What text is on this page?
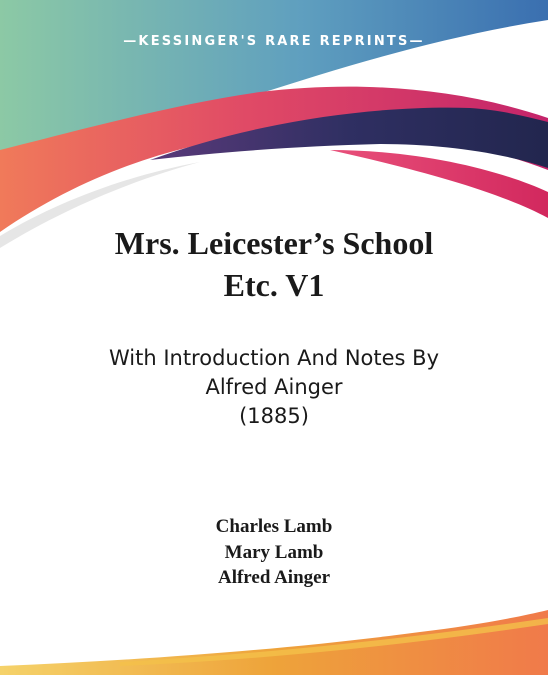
—KESSINGER'S RARE REPRINTS—
Mrs. Leicester’s School
Etc. V1
With Introduction And Notes By
Alfred Ainger
(1885)
Charles Lamb
Mary Lamb
Alfred Ainger
